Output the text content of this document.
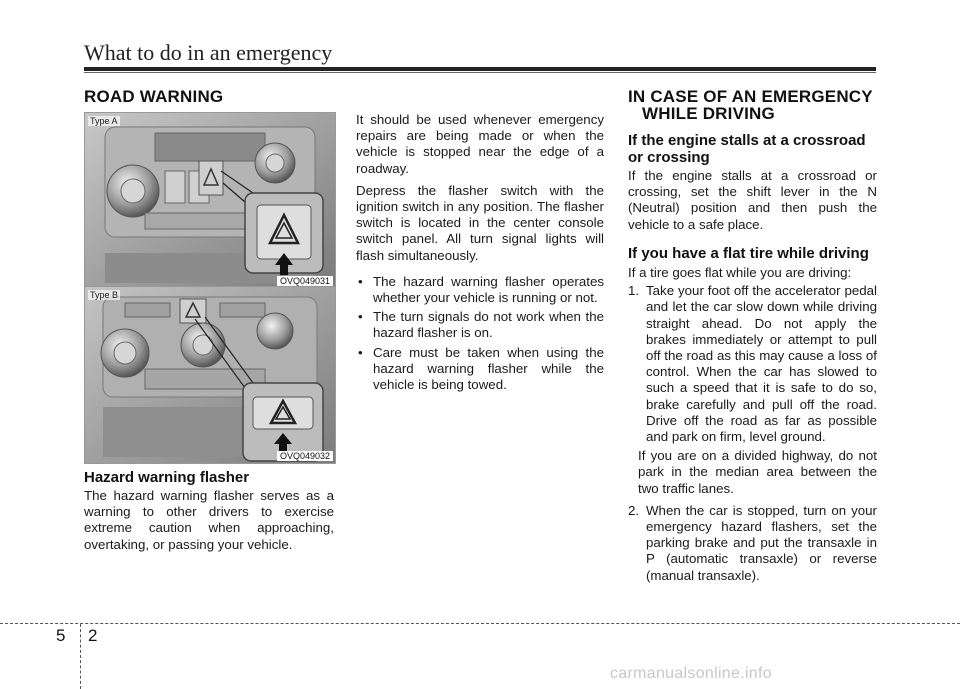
What to do in an emergency
ROAD WARNING
Type A
OVQ049031
Type B
OVQ049032
Hazard warning flasher

The hazard warning flasher serves as a warning to other drivers to exercise extreme caution when approaching, overtaking, or passing your vehicle.

It should be used whenever emergency repairs are being made or when the vehicle is stopped near the edge of a roadway.

Depress the flasher switch with the ignition switch in any position. The flasher switch is located in the center console switch panel. All turn signal lights will flash simultaneously.

• The hazard warning flasher operates whether your vehicle is running or not.
• The turn signals do not work when the hazard flasher is on.
• Care must be taken when using the hazard warning flasher while the vehicle is being towed.
IN CASE OF AN EMERGENCY
WHILE DRIVING
If the engine stalls at a crossroad
or crossing

If the engine stalls at a crossroad or crossing, set the shift lever in the N (Neutral) position and then push the vehicle to a safe place.

If you have a flat tire while driving

If a tire goes flat while you are driving:

1. Take your foot off the accelerator pedal and let the car slow down while driving straight ahead. Do not apply the brakes immediately or attempt to pull off the road as this may cause a loss of control. When the car has slowed to such a speed that it is safe to do so, brake carefully and pull off the road. Drive off the road as far as possible and park on firm, level ground.

If you are on a divided highway, do not park in the median area between the two traffic lanes.

2. When the car is stopped, turn on your emergency hazard flashers, set the parking brake and put the transaxle in P (automatic transaxle) or reverse (manual transaxle).
5 2
carmanualsonline.info
